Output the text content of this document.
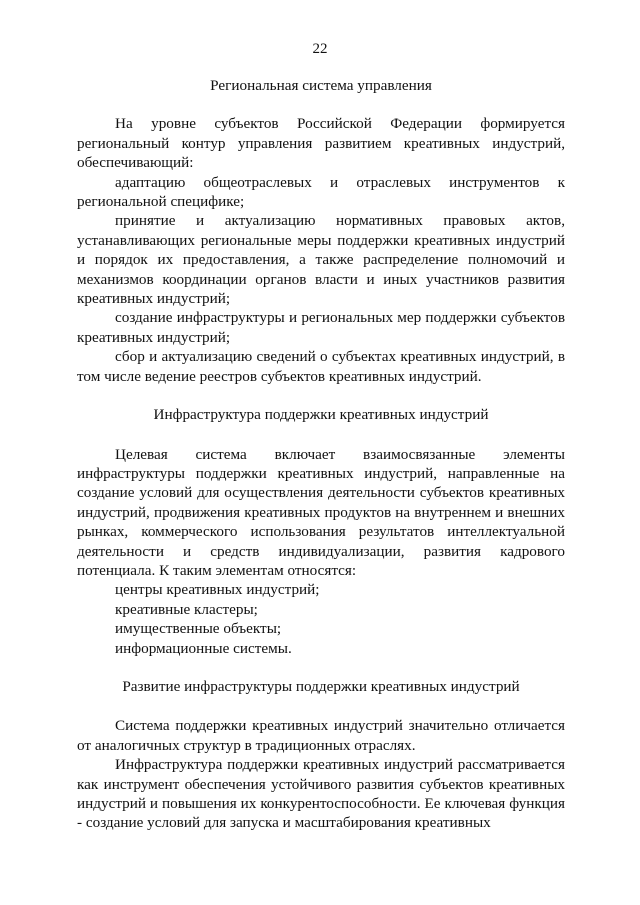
22

Региональная система управления

На уровне субъектов Российской Федерации формируется региональный контур управления развитием креативных индустрий, обеспечивающий:

адаптацию общеотраслевых и отраслевых инструментов к региональной специфике;

принятие и актуализацию нормативных правовых актов, устанавливающих региональные меры поддержки креативных индустрий и порядок их предоставления, а также распределение полномочий и механизмов координации органов власти и иных участников развития креативных индустрий;

создание инфраструктуры и региональных мер поддержки субъектов креативных индустрий;

сбор и актуализацию сведений о субъектах креативных индустрий, в том числе ведение реестров субъектов креативных индустрий.

Инфраструктура поддержки креативных индустрий

Целевая система включает взаимосвязанные элементы инфраструктуры поддержки креативных индустрий, направленные на создание условий для осуществления деятельности субъектов креативных индустрий, продвижения креативных продуктов на внутреннем и внешних рынках, коммерческого использования результатов интеллектуальной деятельности и средств индивидуализации, развития кадрового потенциала. К таким элементам относятся:

центры креативных индустрий;

креативные кластеры;

имущественные объекты;

информационные системы.

Развитие инфраструктуры поддержки креативных индустрий

Система поддержки креативных индустрий значительно отличается от аналогичных структур в традиционных отраслях.

Инфраструктура поддержки креативных индустрий рассматривается как инструмент обеспечения устойчивого развития субъектов креативных индустрий и повышения их конкурентоспособности. Ее ключевая функция - создание условий для запуска и масштабирования креативных
